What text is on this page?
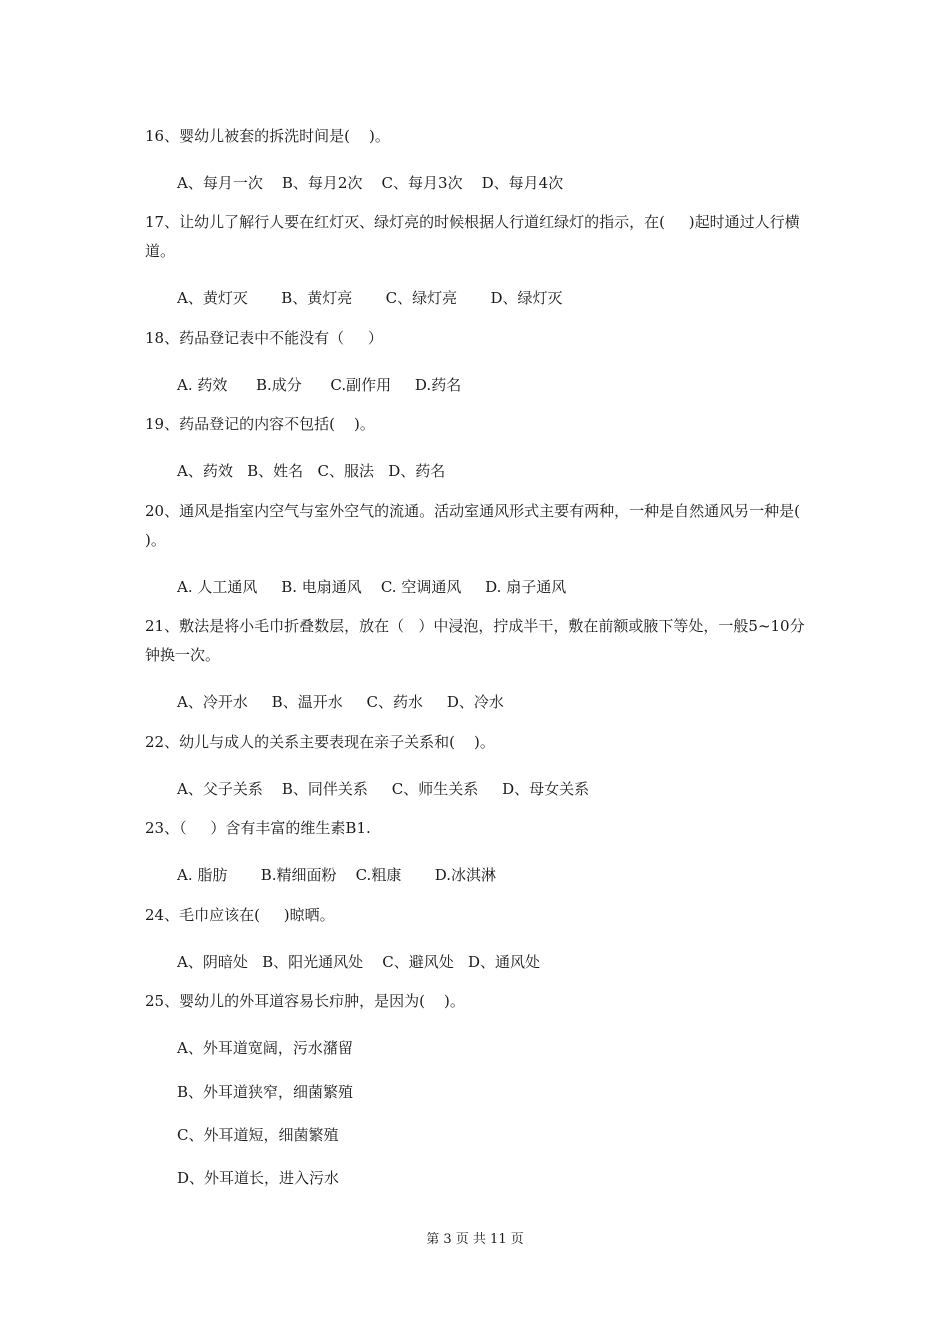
16、婴幼儿被套的拆洗时间是(    )。
A、每月一次    B、每月2次    C、每月3次    D、每月4次
17、让幼儿了解行人要在红灯灭、绿灯亮的时候根据人行道红绿灯的指示，在(     )起时通过人行横道。
A、黄灯灭       B、黄灯亮       C、绿灯亮       D、绿灯灭
18、药品登记表中不能没有（     ）
A. 药效      B.成分      C.副作用     D.药名
19、药品登记的内容不包括(    )。
A、药效   B、姓名   C、服法   D、药名
20、通风是指室内空气与室外空气的流通。活动室通风形式主要有两种，一种是自然通风另一种是(     )。
A. 人工通风     B. 电扇通风    C. 空调通风     D. 扇子通风
21、敷法是将小毛巾折叠数层，放在（   ）中浸泡，拧成半干，敷在前额或腋下等处，一般5~10分钟换一次。
A、冷开水     B、温开水     C、药水     D、冷水
22、幼儿与成人的关系主要表现在亲子关系和(    )。
A、父子关系    B、同伴关系     C、师生关系     D、母女关系
23、（     ）含有丰富的维生素B1.
A. 脂肪       B.精细面粉    C.粗康       D.冰淇淋
24、毛巾应该在(     )晾晒。
A、阴暗处   B、阳光通风处    C、避风处   D、通风处
25、婴幼儿的外耳道容易长疖肿，是因为(    )。
A、外耳道宽阔，污水潴留
B、外耳道狭窄，细菌繁殖
C、外耳道短，细菌繁殖
D、外耳道长，进入污水
第 3 页 共 11 页
